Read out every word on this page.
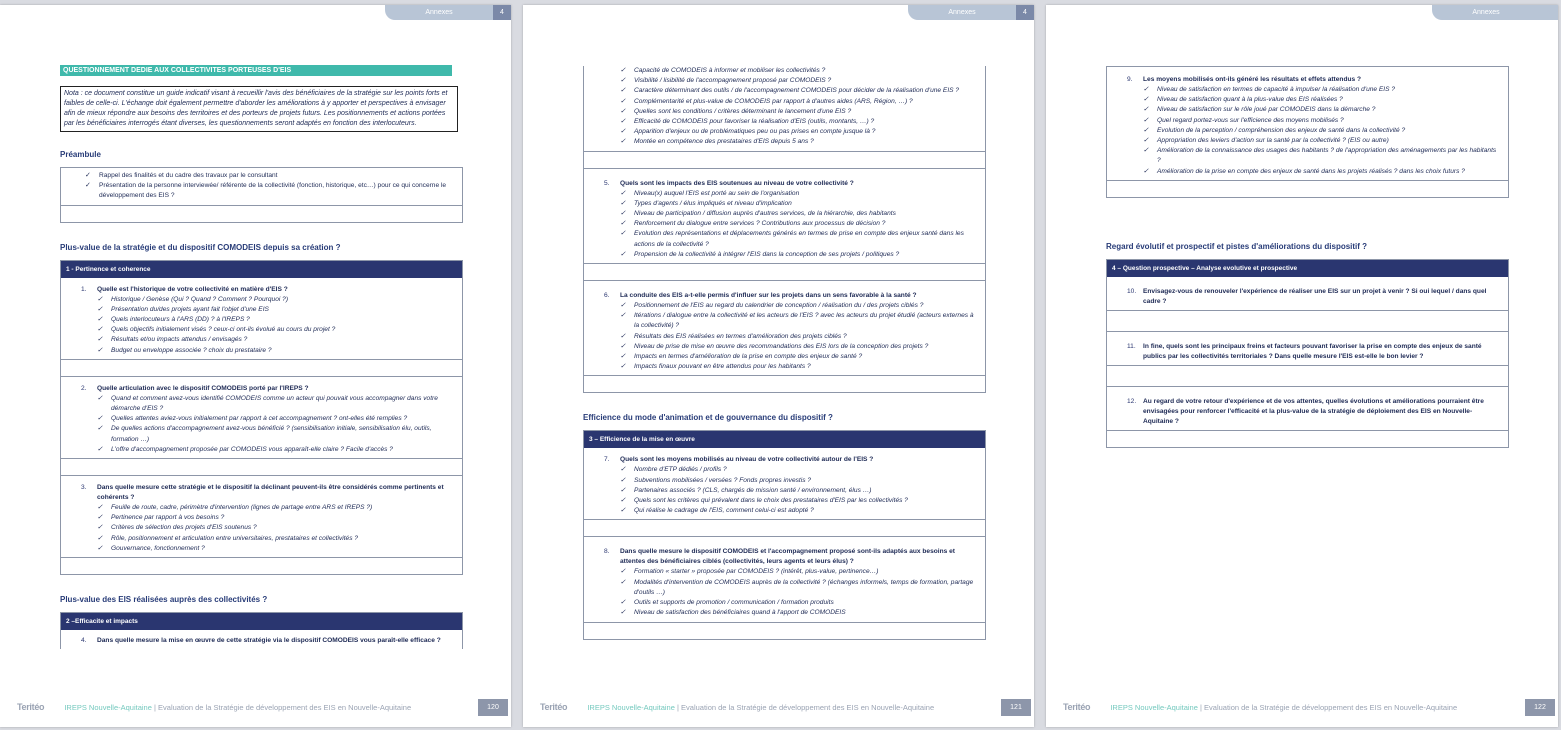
Annexes	4
QUESTIONNEMENT DEDIE AUX COLLECTIVITES PORTEUSES D'EIS
Nota : ce document constitue un guide indicatif visant à recueillir l'avis des bénéficiaires de la stratégie sur les points forts et faibles de celle-ci. L'échange doit également permettre d'aborder les améliorations à y apporter et perspectives à envisager afin de mieux répondre aux besoins des territoires et des porteurs de projets futurs. Les positionnements et actions portées par les bénéficiaires interrogés étant diverses, les questionnements seront adaptés en fonction des interlocuteurs.
Préambule
✓ Rappel des finalités et du cadre des travaux par le consultant
✓ Présentation de la personne interviewée/ référente de la collectivité (fonction, historique, etc…) pour ce qui concerne le développement des EIS ?
Plus-value de la stratégie et du dispositif COMODEIS depuis sa création ?
1 - Pertinence et coherence
1 .	Quelle est l'historique de votre collectivité en matière d'EIS ?
✓ Historique / Genèse (Qui ? Quand ? Comment ? Pourquoi ?)
✓ Présentation du/des projets ayant fait l'objet d'une EIS
✓ Quels interlocuteurs à l'ARS (DD) ? à l'IREPS ?
✓ Quels objectifs initialement visés ? ceux-ci ont-ils évolué au cours du projet ?
✓ Résultats et/ou impacts attendus / envisagés ?
✓ Budget ou enveloppe associée ? choix du prestataire ?
2 .	Quelle articulation avec le dispositif COMODEIS porté par l'IREPS ?
✓ Quand et comment avez-vous identifié COMODEIS comme un acteur qui pouvait vous accompagner dans votre démarche d'EIS ?
✓ Quelles attentes aviez-vous initialement par rapport à cet accompagnement ? ont-elles été remplies ?
✓ De quelles actions d'accompagnement avez-vous bénéficié ? (sensibilisation initiale, sensibilisation élu, outils, formation …)
✓ L'offre d'accompagnement proposée par COMODEIS vous apparaît-elle claire ? Facile d'accès ?
3 .	Dans quelle mesure cette stratégie et le dispositif la déclinant peuvent-ils être considérés comme pertinents et cohérents ?
✓ Feuille de route, cadre, périmètre d'intervention (lignes de partage entre ARS et IREPS ?)
✓ Pertinence par rapport à vos besoins ?
✓ Critères de sélection des projets d'EIS soutenus ?
✓ Rôle, positionnement et articulation entre universitaires, prestataires et collectivités ?
✓ Gouvernance, fonctionnement ?
Plus-value des EIS réalisées auprès des collectivités ?
2 –Efficacite et impacts
4 .	Dans quelle mesure la mise en œuvre de cette stratégie via le dispositif COMODEIS vous paraît-elle efficace ?
Teritéo	IREPS Nouvelle-Aquitaine | Evaluation de la Stratégie de développement des EIS en Nouvelle-Aquitaine	120
Annexes	4
✓ Capacité de COMODEIS à informer et mobiliser les collectivités ?
✓ Visibilité / lisibilité de l'accompagnement proposé par COMODEIS ?
✓ Caractère déterminant des outils / de l'accompagnement COMODEIS pour décider de la réalisation d'une EIS ?
✓ Complémentarité et plus-value de COMODEIS par rapport à d'autres aides (ARS, Région, …) ?
✓ Quelles sont les conditions / critères déterminant le lancement d'une EIS ?
✓ Efficacité de COMODEIS pour favoriser la réalisation d'EIS (outils, montants, …) ?
✓ Apparition d'enjeux ou de problématiques peu ou pas prises en compte jusque là ?
✓ Montée en compétence des prestataires d'EIS depuis 5 ans ?
5 .	Quels sont les impacts des EIS soutenues au niveau de votre collectivité ?
✓ Niveau(x) auquel l'EIS est porté au sein de l'organisation
✓ Types d'agents / élus impliqués et niveau d'implication
✓ Niveau de participation / diffusion auprès d'autres services, de la hiérarchie, des habitants
✓ Renforcement du dialogue entre services ? Contributions aux processus de décision ?
✓ Evolution des représentations et déplacements générés en termes de prise en compte des enjeux santé dans les actions de la collectivité ?
✓ Propension de la collectivité à intégrer l'EIS dans la conception de ses projets / politiques ?
6 .	La conduite des EIS a-t-elle permis d'influer sur les projets dans un sens favorable à la santé ?
✓ Positionnement de l'EIS au regard du calendrier de conception / réalisation du / des projets ciblés ?
✓ Itérations / dialogue entre la collectivité et les acteurs de l'EIS ? avec les acteurs du projet étudié (acteurs externes à la collectivité) ?
✓ Résultats des EIS réalisées en termes d'amélioration des projets ciblés ?
✓ Niveau de prise de mise en œuvre des recommandations des EIS lors de la conception des projets ?
✓ Impacts en termes d'amélioration de la prise en compte des enjeux de santé ?
✓ Impacts finaux pouvant en être attendus pour les habitants ?
Efficience du mode d'animation et de gouvernance du dispositif ?
3 – Efficience de la mise en œuvre
7 .	Quels sont les moyens mobilisés au niveau de votre collectivité autour de l'EIS ?
✓ Nombre d'ETP dédiés / profils ?
✓ Subventions mobilisées / versées ? Fonds propres investis ?
✓ Partenaires associés ? (CLS, chargés de mission santé / environnement, élus …)
✓ Quels sont les critères qui prévalent dans le choix des prestataires d'EIS par les collectivités ?
✓ Qui réalise le cadrage de l'EIS, comment celui-ci est adopté ?
8 .	Dans quelle mesure le dispositif COMODEIS et l'accompagnement proposé sont-ils adaptés aux besoins et attentes des bénéficiaires ciblés (collectivités, leurs agents et leurs élus) ?
✓ Formation « starter » proposée par COMODEIS ? (intérêt, plus-value, pertinence…)
✓ Modalités d'intervention de COMODEIS auprès de la collectivité ? (échanges informels, temps de formation, partage d'outils …)
✓ Outils et supports de promotion / communication / formation produits
✓ Niveau de satisfaction des bénéficiaires quand à l'apport de COMODEIS
Teritéo	IREPS Nouvelle-Aquitaine | Evaluation de la Stratégie de développement des EIS en Nouvelle-Aquitaine	121
Annexes	4
9 .	Les moyens mobilisés ont-ils généré les résultats et effets attendus ?
✓ Niveau de satisfaction en termes de capacité à impulser la réalisation d'une EIS ?
✓ Niveau de satisfaction quant à la plus-value des EIS réalisées ?
✓ Niveau de satisfaction sur le rôle joué par COMODEIS dans la démarche ?
✓ Quel regard portez-vous sur l'efficience des moyens mobilisés ?
✓ Evolution de la perception / compréhension des enjeux de santé dans la collectivité ?
✓ Appropriation des leviers d'action sur la santé par la collectivité ? (EIS ou autre)
✓ Amélioration de la connaissance des usages des habitants ? de l'appropriation des aménagements par les habitants ?
✓ Amélioration de la prise en compte des enjeux de santé dans les projets réalisés ? dans les choix futurs ?
Regard évolutif et prospectif et pistes d'améliorations du dispositif ?
4 – Question prospective – Analyse evolutive et prospective
10 .	Envisagez-vous de renouveler l'expérience de réaliser une EIS sur un projet à venir ? Si oui lequel / dans quel cadre ?
11 .	In fine, quels sont les principaux freins et facteurs pouvant favoriser la prise en compte des enjeux de santé publics par les collectivités territoriales ? Dans quelle mesure l'EIS est-elle le bon levier ?
12 .	Au regard de votre retour d'expérience et de vos attentes, quelles évolutions et améliorations pourraient être envisagées pour renforcer l'efficacité et la plus-value de la stratégie de déploiement des EIS en Nouvelle-Aquitaine ?
Teritéo	IREPS Nouvelle-Aquitaine | Evaluation de la Stratégie de développement des EIS en Nouvelle-Aquitaine	122
